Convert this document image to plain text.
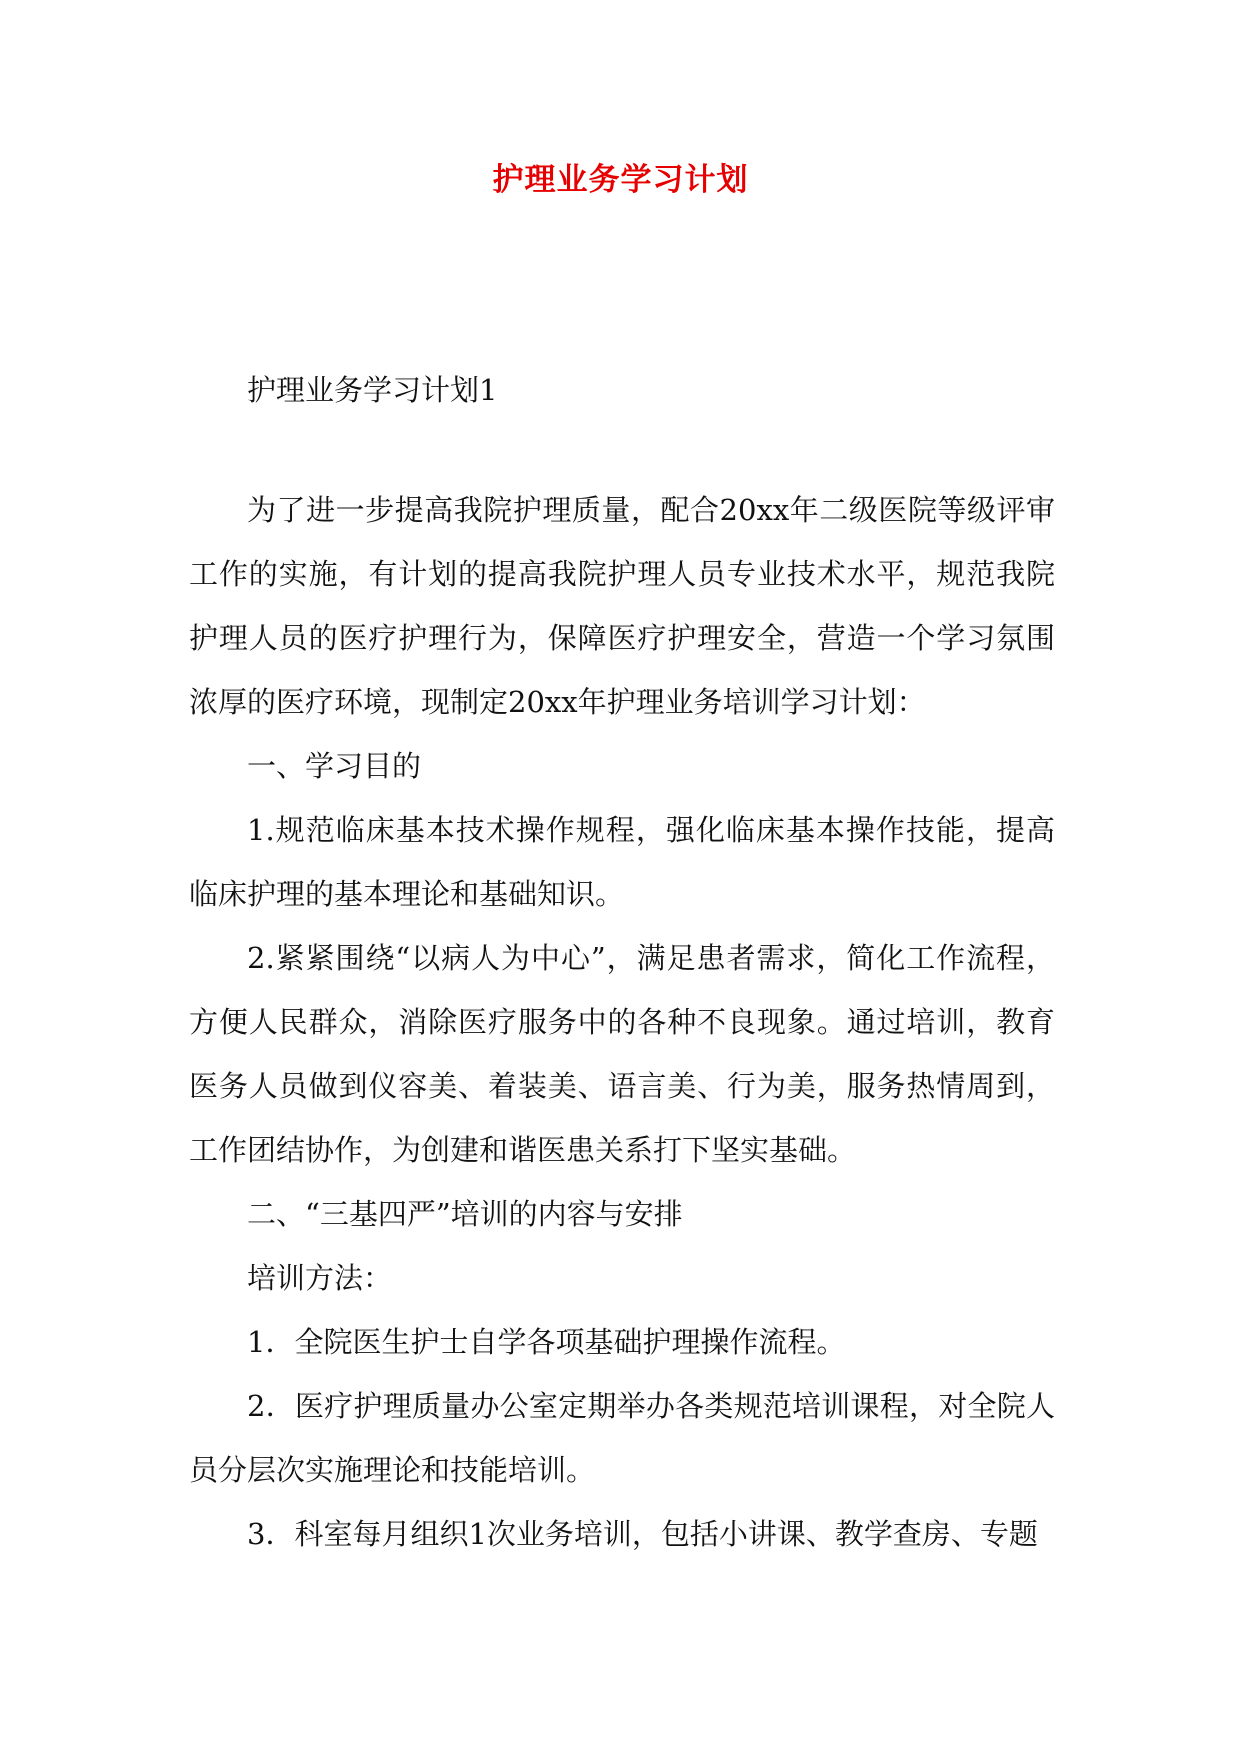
护理业务学习计划

护理业务学习计划1

为了进一步提高我院护理质量，配合20xx年二级医院等级评审工作的实施，有计划的提高我院护理人员专业技术水平，规范我院护理人员的医疗护理行为，保障医疗护理安全，营造一个学习氛围浓厚的医疗环境，现制定20xx年护理业务培训学习计划：

一、学习目的

1.规范临床基本技术操作规程，强化临床基本操作技能，提高临床护理的基本理论和基础知识。

2.紧紧围绕“以病人为中心”，满足患者需求，简化工作流程，方便人民群众，消除医疗服务中的各种不良现象。通过培训，教育医务人员做到仪容美、着装美、语言美、行为美，服务热情周到，工作团结协作，为创建和谐医患关系打下坚实基础。

二、“三基四严”培训的内容与安排

培训方法：

1．全院医生护士自学各项基础护理操作流程。

2．医疗护理质量办公室定期举办各类规范培训课程，对全院人员分层次实施理论和技能培训。

3．科室每月组织1次业务培训，包括小讲课、教学查房、专题
